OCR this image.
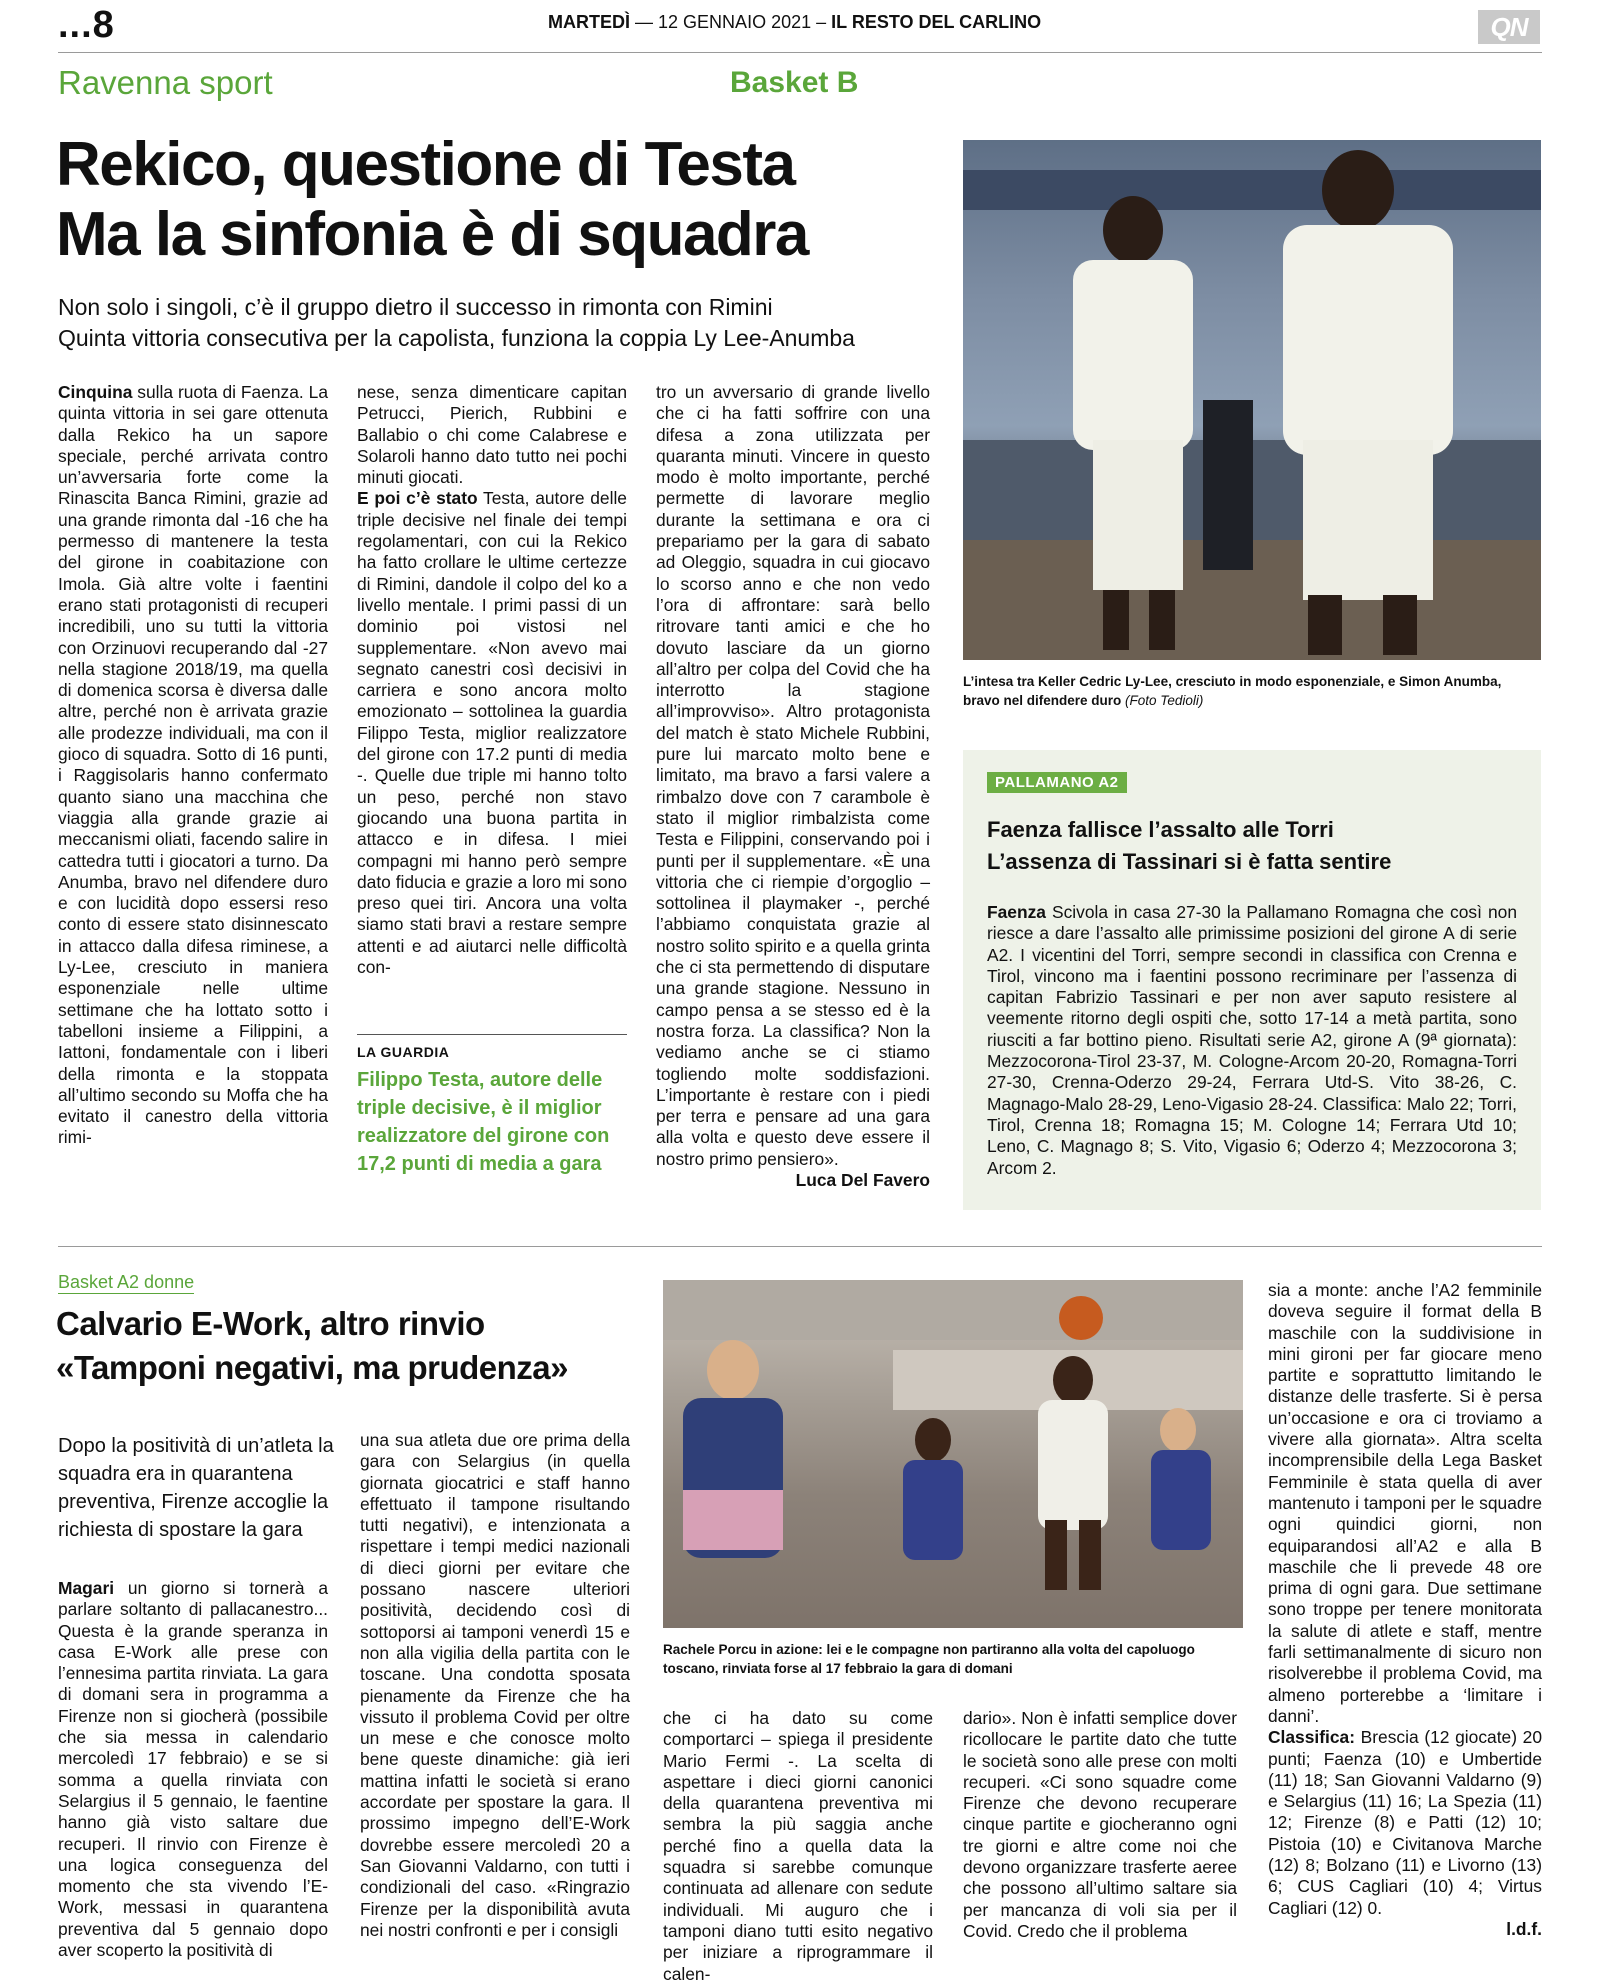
...8	MARTEDÌ — 12 GENNAIO 2021 – IL RESTO DEL CARLINO	QN
Ravenna sport	Basket B
Rekico, questione di Testa
Ma la sinfonia è di squadra
Non solo i singoli, c’è il gruppo dietro il successo in rimonta con Rimini
Quinta vittoria consecutiva per la capolista, funziona la coppia Ly Lee-Anumba

Cinquina sulla ruota di Faenza. La quinta vittoria in sei gare ottenuta dalla Rekico ha un sapore speciale, perché arrivata contro un’avversaria forte come la Rinascita Banca Rimini, grazie ad una grande rimonta dal -16 che ha permesso di mantenere la testa del girone in coabitazione con Imola. Già altre volte i faentini erano stati protagonisti di recuperi incredibili, uno su tutti la vittoria con Orzinuovi recuperando dal -27 nella stagione 2018/19, ma quella di domenica scorsa è diversa dalle altre, perché non è arrivata grazie alle prodezze individuali, ma con il gioco di squadra. Sotto di 16 punti, i Raggisolaris hanno confermato quanto siano una macchina che viaggia alla grande grazie ai meccanismi oliati, facendo salire in cattedra tutti i giocatori a turno. Da Anumba, bravo nel difendere duro e con lucidità dopo essersi reso conto di essere stato disinnescato in attacco dalla difesa riminese, a Ly-Lee, cresciuto in maniera esponenziale nelle ultime settimane che ha lottato sotto i tabelloni insieme a Filippini, a Iattoni, fondamentale con i liberi della rimonta e la stoppata all’ultimo secondo su Moffa che ha evitato il canestro della vittoria rimi-

nese, senza dimenticare capitan Petrucci, Pierich, Rubbini e Ballabio o chi come Calabrese e Solaroli hanno dato tutto nei pochi minuti giocati.

E poi c’è stato Testa, autore delle triple decisive nel finale dei tempi regolamentari, con cui la Rekico ha fatto crollare le ultime certezze di Rimini, dandole il colpo del ko a livello mentale. I primi passi di un dominio poi vistosi nel supplementare. «Non avevo mai segnato canestri così decisivi in carriera e sono ancora molto emozionato – sottolinea la guardia Filippo Testa, miglior realizzatore del girone con 17.2 punti di media -. Quelle due triple mi hanno tolto un peso, perché non stavo giocando una buona partita in attacco e in difesa. I miei compagni mi hanno però sempre dato fiducia e grazie a loro mi sono preso quei tiri. Ancora una volta siamo stati bravi a restare sempre attenti e ad aiutarci nelle difficoltà con-

LA GUARDIA
Filippo Testa, autore delle triple decisive, è il miglior realizzatore del girone con 17,2 punti di media a gara

tro un avversario di grande livello che ci ha fatti soffrire con una difesa a zona utilizzata per quaranta minuti. Vincere in questo modo è molto importante, perché permette di lavorare meglio durante la settimana e ora ci prepariamo per la gara di sabato ad Oleggio, squadra in cui giocavo lo scorso anno e che non vedo l’ora di affrontare: sarà bello ritrovare tanti amici e che ho dovuto lasciare da un giorno all’altro per colpa del Covid che ha interrotto la stagione all’improvviso». Altro protagonista del match è stato Michele Rubbini, pure lui marcato molto bene e limitato, ma bravo a farsi valere a rimbalzo dove con 7 carambole è stato il miglior rimbalzista come Testa e Filippini, conservando poi i punti per il supplementare. «È una vittoria che ci riempie d’orgoglio – sottolinea il playmaker -, perché l’abbiamo conquistata grazie al nostro solito spirito e a quella grinta che ci sta permettendo di disputare una grande stagione. Nessuno in campo pensa a se stesso ed è la nostra forza. La classifica? Non la vediamo anche se ci stiamo togliendo molte soddisfazioni. L’importante è restare con i piedi per terra e pensare ad una gara alla volta e questo deve essere il nostro primo pensiero».

Luca Del Favero

L’intesa tra Keller Cedric Ly-Lee, cresciuto in modo esponenziale, e Simon Anumba, bravo nel difendere duro (Foto Tedioli)
PALLAMANO A2
Faenza fallisce l’assalto alle Torri
L’assenza di Tassinari si è fatta sentire

Faenza Scivola in casa 27-30 la Pallamano Romagna che così non riesce a dare l’assalto alle primissime posizioni del girone A di serie A2. I vicentini del Torri, sempre secondi in classifica con Crenna e Tirol, vincono ma i faentini possono recriminare per l’assenza di capitan Fabrizio Tassinari e per non aver saputo resistere al veemente ritorno degli ospiti che, sotto 17-14 a metà partita, sono riusciti a far bottino pieno. Risultati serie A2, girone A (9ª giornata): Mezzocorona-Tirol 23-37, M. Cologne-Arcom 20-20, Romagna-Torri 27-30, Crenna-Oderzo 29-24, Ferrara Utd-S. Vito 38-26, C. Magnago-Malo 28-29, Leno-Vigasio 28-24. Classifica: Malo 22; Torri, Tirol, Crenna 18; Romagna 15; M. Cologne 14; Ferrara Utd 10; Leno, C. Magnago 8; S. Vito, Vigasio 6; Oderzo 4; Mezzocorona 3; Arcom 2.

Basket A2 donne
Calvario E-Work, altro rinvio
«Tamponi negativi, ma prudenza»
Dopo la positività di un’atleta la squadra era in quarantena preventiva, Firenze accoglie la richiesta di spostare la gara

Magari un giorno si tornerà a parlare soltanto di pallacanestro... Questa è la grande speranza in casa E-Work alle prese con l’ennesima partita rinviata. La gara di domani sera in programma a Firenze non si giocherà (possibile che sia messa in calendario mercoledì 17 febbraio) e se si somma a quella rinviata con Selargius il 5 gennaio, le faentine hanno già visto saltare due recuperi. Il rinvio con Firenze è una logica conseguenza del momento che sta vivendo l’E-Work, messasi in quarantena preventiva dal 5 gennaio dopo aver scoperto la positività di

una sua atleta due ore prima della gara con Selargius (in quella giornata giocatrici e staff hanno effettuato il tampone risultando tutti negativi), e intenzionata a rispettare i tempi medici nazionali di dieci giorni per evitare che possano nascere ulteriori positività, decidendo così di sottoporsi ai tamponi venerdì 15 e non alla vigilia della partita con le toscane. Una condotta sposata pienamente da Firenze che ha vissuto il problema Covid per oltre un mese e che conosce molto bene queste dinamiche: già ieri mattina infatti le società si erano accordate per spostare la gara. Il prossimo impegno dell’E-Work dovrebbe essere mercoledì 20 a San Giovanni Valdarno, con tutti i condizionali del caso. «Ringrazio Firenze per la disponibilità avuta nei nostri confronti e per i consigli

Rachele Porcu in azione: lei e le compagne non partiranno alla volta del capoluogo toscano, rinviata forse al 17 febbraio la gara di domani

che ci ha dato su come comportarci – spiega il presidente Mario Fermi -. La scelta di aspettare i dieci giorni canonici della quarantena preventiva mi sembra la più saggia anche perché fino a quella data la squadra si sarebbe comunque continuata ad allenare con sedute individuali. Mi auguro che i tamponi diano tutti esito negativo per iniziare a riprogrammare il calen-

dario». Non è infatti semplice dover ricollocare le partite dato che tutte le società sono alle prese con molti recuperi. «Ci sono squadre come Firenze che devono recuperare cinque partite e giocheranno ogni tre giorni e altre come noi che devono organizzare trasferte aeree che possono all’ultimo saltare sia per mancanza di voli sia per il Covid. Credo che il problema

sia a monte: anche l’A2 femminile doveva seguire il format della B maschile con la suddivisione in mini gironi per far giocare meno partite e soprattutto limitando le distanze delle trasferte. Si è persa un’occasione e ora ci troviamo a vivere alla giornata». Altra scelta incomprensibile della Lega Basket Femminile è stata quella di aver mantenuto i tamponi per le squadre ogni quindici giorni, non equiparandosi all’A2 e alla B maschile che li prevede 48 ore prima di ogni gara. Due settimane sono troppe per tenere monitorata la salute di atlete e staff, mentre farli settimanalmente di sicuro non risolverebbe il problema Covid, ma almeno porterebbe a ‘limitare i danni’.

Classifica: Brescia (12 giocate) 20 punti; Faenza (10) e Umbertide (11) 18; San Giovanni Valdarno (9) e Selargius (11) 16; La Spezia (11) 12; Firenze (8) e Patti (12) 10; Pistoia (10) e Civitanova Marche (12) 8; Bolzano (11) e Livorno (13) 6; CUS Cagliari (10) 4; Virtus Cagliari (12) 0.

l.d.f.
